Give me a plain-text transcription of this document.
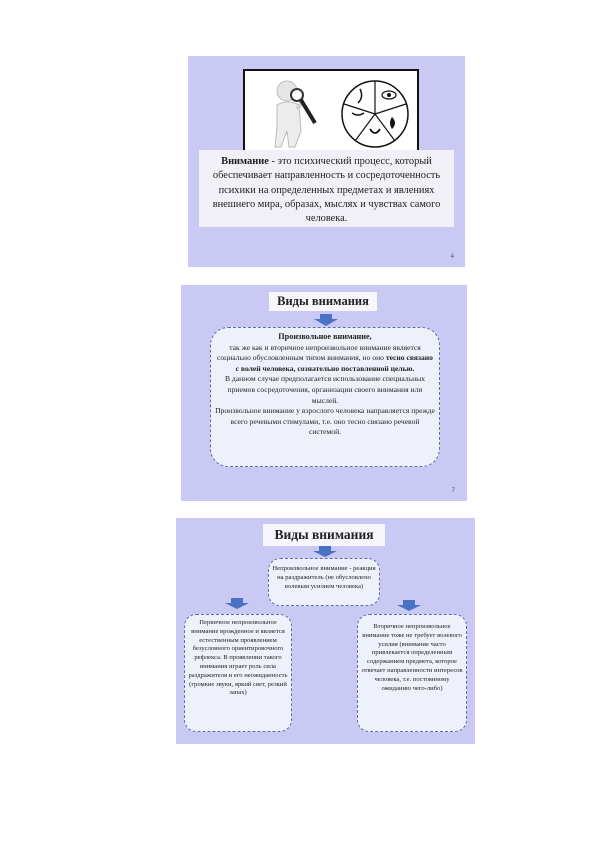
Внимание - это психический процесс, который обеспечивает направленность и сосредоточенность психики на определенных предметах и явлениях внешнего мира, образах, мыслях и чувствах самого человека.
4
Виды внимания
Произвольное внимание,
так же как и вторичное непроизвольное внимание является социально обусловленным типом внимания, но оно тесно связано с волей человека, сознательно поставленной целью.
В данном случае предполагается использование специальных приемов сосредоточения, организации своего внимания или мыслей.
Произвольное внимание у взрослого человека направляется прежде всего речевыми стимулами, т.е. оно тесно связано речевой системой.
7
Виды внимания
Непроизвольное внимание - реакция на раздражитель (не обусловлено волевым усилием человека)
Первичное непроизвольное внимание врожденное и является естественным проявлением безусловного ориентировочного рефлекса. В проявлении такого внимания играет роль сила раздражителя и его неожиданность (громкие звуки, яркий свет, резкий запах)
Вторичное непроизвольное внимание тоже не требует волевого усилия (внимание часто привлекается определенным содержанием предмета, которое отвечает направленности интересов человека, т.е. постоянному ожиданию чего-либо)
